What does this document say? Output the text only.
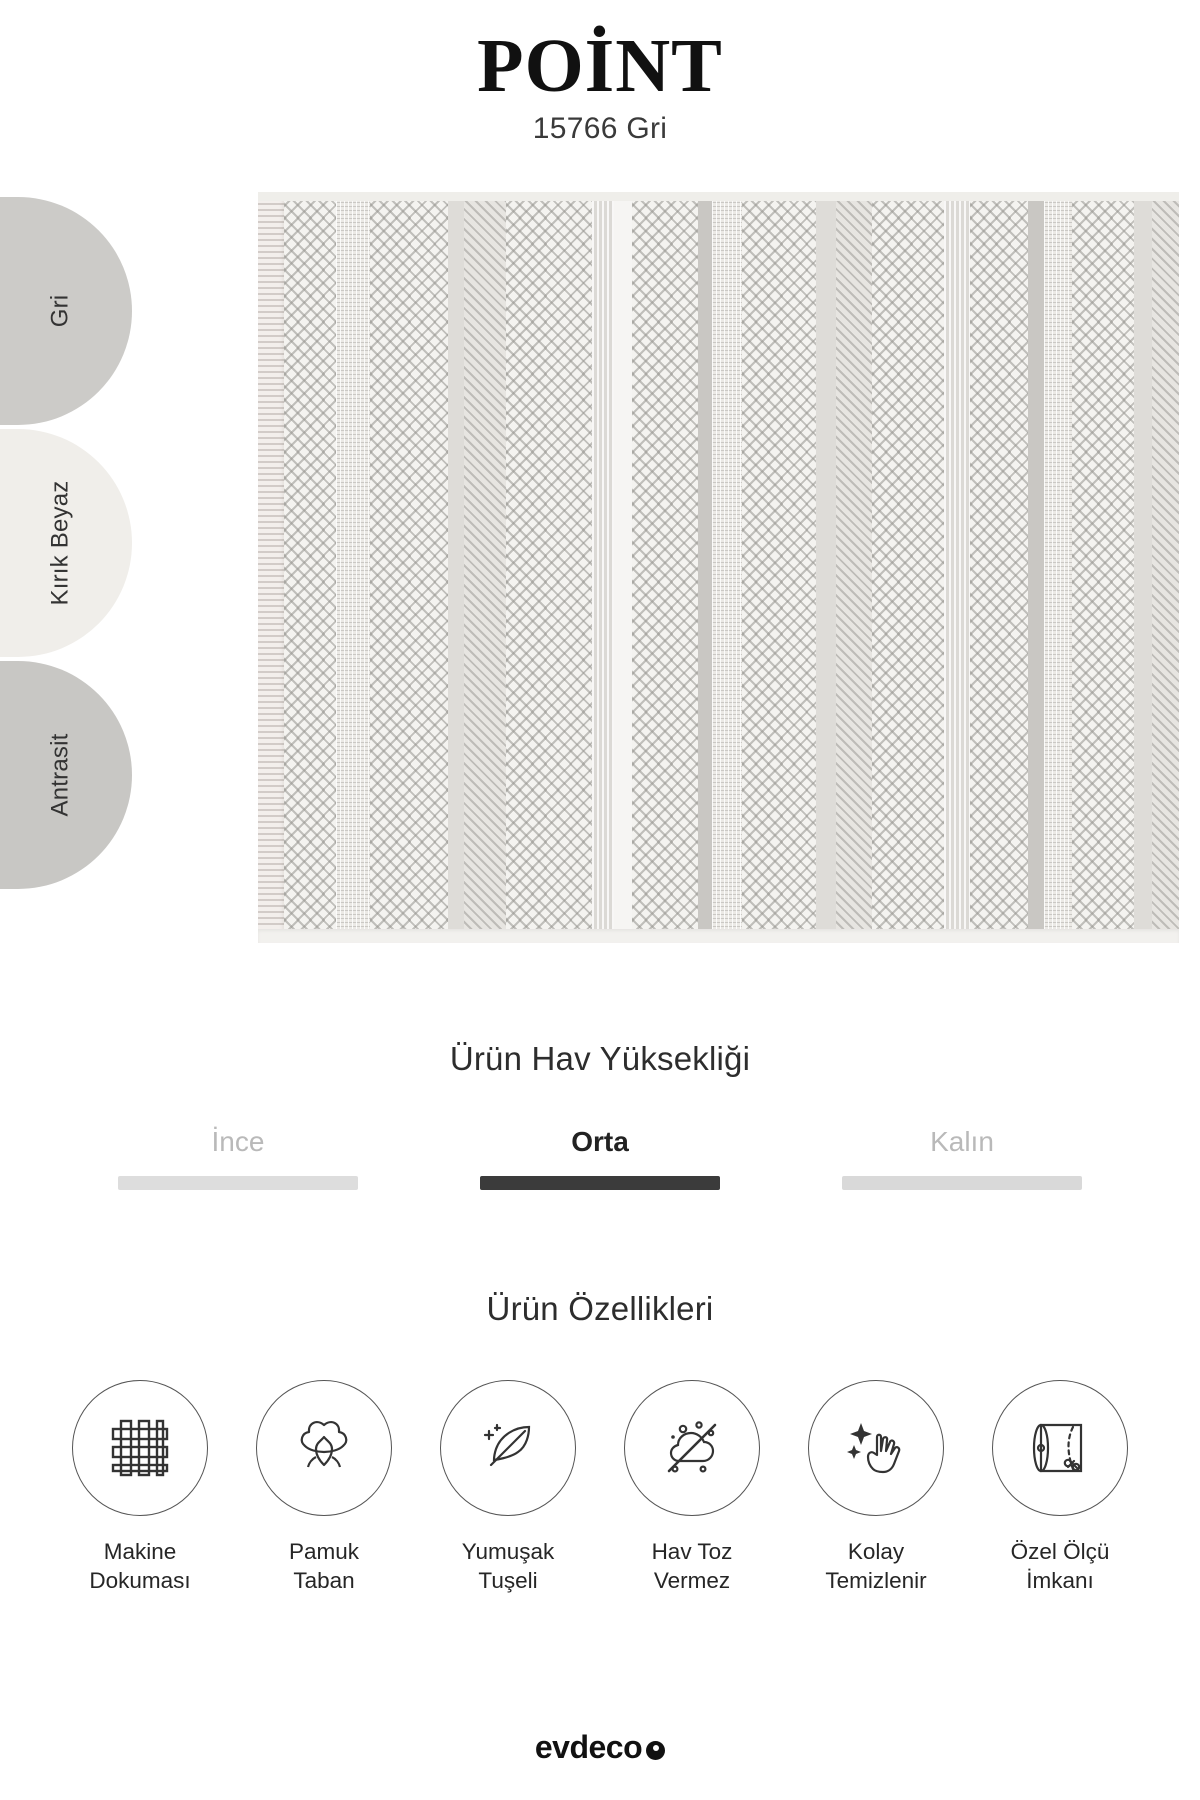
POİNT
15766 Gri
Gri
Kırık Beyaz
Antrasit
Ürün Hav Yüksekliği
İnce	Orta	Kalın
Ürün Özellikleri
Makine
Dokuması
Pamuk
Taban
Yumuşak
Tuşeli
Hav Toz
Vermez
Kolay
Temizlenir
Özel Ölçü
İmkanı
evdeco
